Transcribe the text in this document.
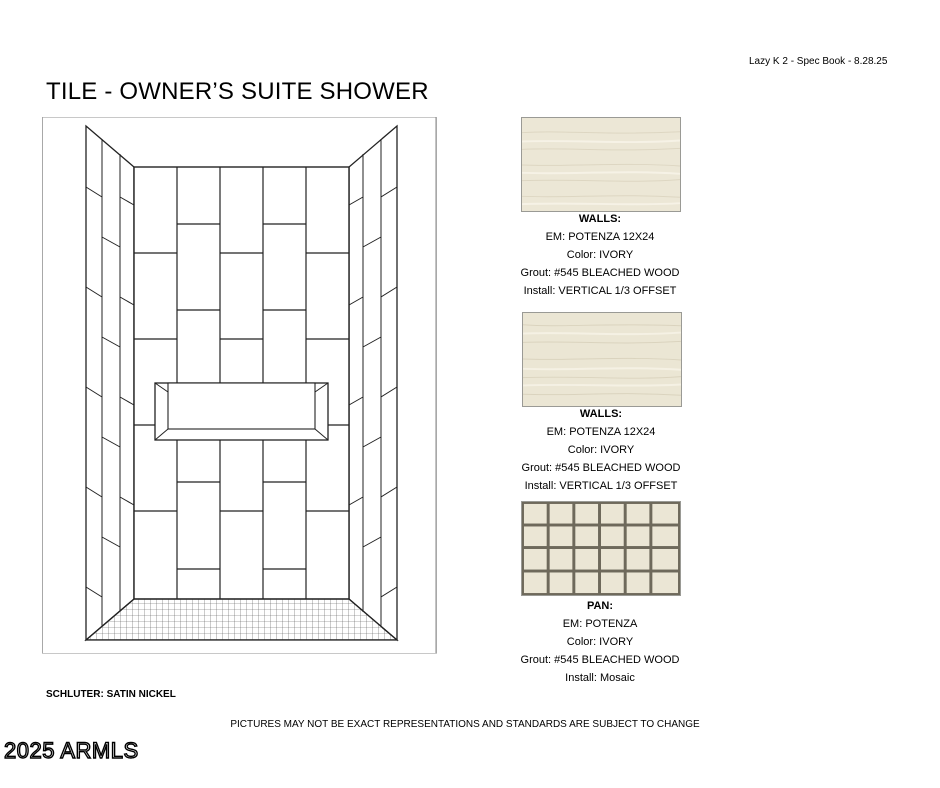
Lazy K 2 - Spec Book - 8.28.25
TILE - OWNER’S SUITE SHOWER
WALLS:
EM: POTENZA 12X24
Color: IVORY
Grout: #545 BLEACHED WOOD
Install: VERTICAL 1/3 OFFSET
WALLS:
EM: POTENZA 12X24
Color: IVORY
Grout: #545 BLEACHED WOOD
Install: VERTICAL 1/3 OFFSET
PAN:
EM: POTENZA
Color: IVORY
Grout: #545 BLEACHED WOOD
Install: Mosaic
SCHLUTER: SATIN NICKEL
PICTURES MAY NOT BE EXACT REPRESENTATIONS AND STANDARDS ARE SUBJECT TO CHANGE
2025 ARMLS
